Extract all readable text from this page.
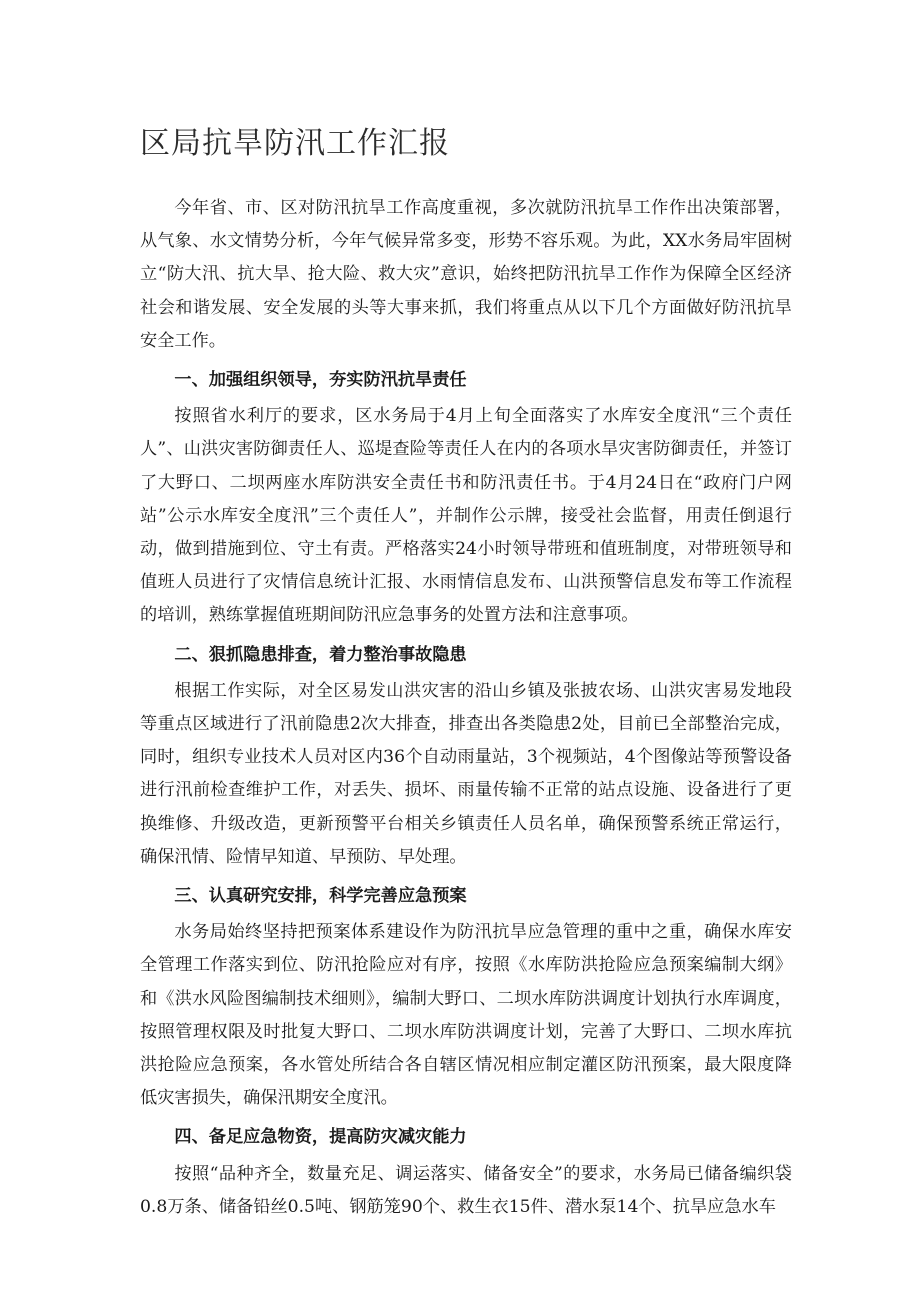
区局抗旱防汛工作汇报

今年省、市、区对防汛抗旱工作高度重视，多次就防汛抗旱工作作出决策部署，从气象、水文情势分析，今年气候异常多变，形势不容乐观。为此，XX水务局牢固树立“防大汛、抗大旱、抢大险、救大灾”意识，始终把防汛抗旱工作作为保障全区经济社会和谐发展、安全发展的头等大事来抓，我们将重点从以下几个方面做好防汛抗旱安全工作。

一、加强组织领导，夯实防汛抗旱责任

按照省水利厅的要求，区水务局于4月上旬全面落实了水库安全度汛“三个责任人”、山洪灾害防御责任人、巡堤查险等责任人在内的各项水旱灾害防御责任，并签订了大野口、二坝两座水库防洪安全责任书和防汛责任书。于4月24日在“政府门户网站”公示水库安全度汛”三个责任人”，并制作公示牌，接受社会监督，用责任倒退行动，做到措施到位、守土有责。严格落实24小时领导带班和值班制度，对带班领导和值班人员进行了灾情信息统计汇报、水雨情信息发布、山洪预警信息发布等工作流程的培训，熟练掌握值班期间防汛应急事务的处置方法和注意事项。

二、狠抓隐患排查，着力整治事故隐患

根据工作实际，对全区易发山洪灾害的沿山乡镇及张披农场、山洪灾害易发地段等重点区域进行了汛前隐患2次大排查，排查出各类隐患2处，目前已全部整治完成，同时，组织专业技术人员对区内36个自动雨量站，3个视频站，4个图像站等预警设备进行汛前检查维护工作，对丢失、损坏、雨量传输不正常的站点设施、设备进行了更换维修、升级改造，更新预警平台相关乡镇责任人员名单，确保预警系统正常运行，确保汛情、险情早知道、早预防、早处理。

三、认真研究安排，科学完善应急预案

水务局始终坚持把预案体系建设作为防汛抗旱应急管理的重中之重，确保水库安全管理工作落实到位、防汛抢险应对有序，按照《水库防洪抢险应急预案编制大纲》和《洪水风险图编制技术细则》，编制大野口、二坝水库防洪调度计划执行水库调度，按照管理权限及时批复大野口、二坝水库防洪调度计划，完善了大野口、二坝水库抗洪抢险应急预案，各水管处所结合各自辖区情况相应制定灌区防汛预案，最大限度降低灾害损失，确保汛期安全度汛。

四、备足应急物资，提高防灾减灾能力

按照“品种齐全，数量充足、调运落实、储备安全”的要求，水务局已储备编织袋0.8万条、储备铅丝0.5吨、钢筋笼90个、救生衣15件、潜水泵14个、抗旱应急水车
